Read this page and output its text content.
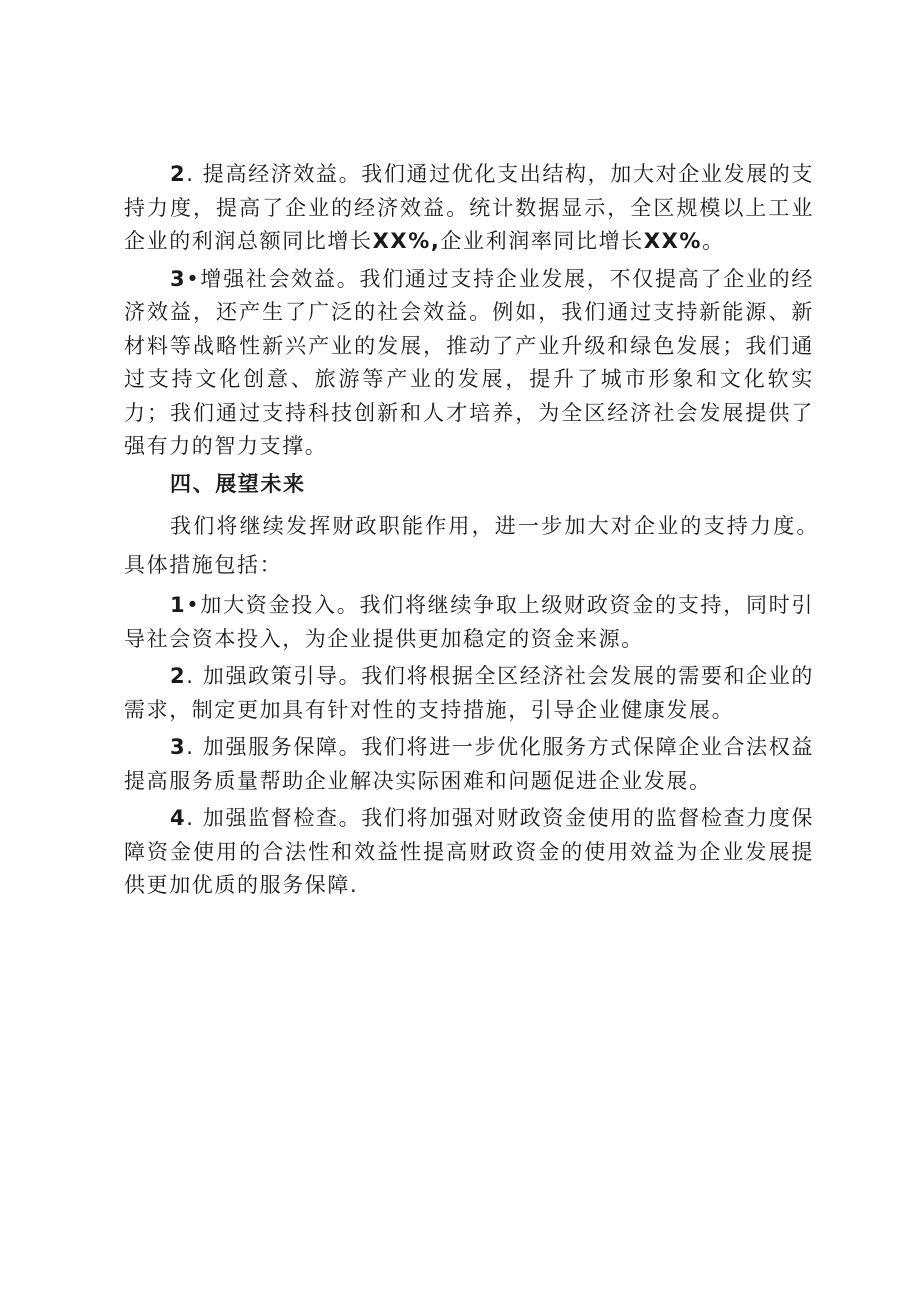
2. 提高经济效益。我们通过优化支出结构，加大对企业发展的支持力度，提高了企业的经济效益。统计数据显示，全区规模以上工业企业的利润总额同比增长XX%,企业利润率同比增长XX%。

3•增强社会效益。我们通过支持企业发展，不仅提高了企业的经济效益，还产生了广泛的社会效益。例如，我们通过支持新能源、新材料等战略性新兴产业的发展，推动了产业升级和绿色发展；我们通过支持文化创意、旅游等产业的发展，提升了城市形象和文化软实力；我们通过支持科技创新和人才培养，为全区经济社会发展提供了强有力的智力支撑。

四、展望未来

我们将继续发挥财政职能作用，进一步加大对企业的支持力度。

具体措施包括：

1•加大资金投入。我们将继续争取上级财政资金的支持，同时引导社会资本投入，为企业提供更加稳定的资金来源。

2. 加强政策引导。我们将根据全区经济社会发展的需要和企业的需求，制定更加具有针对性的支持措施，引导企业健康发展。

3. 加强服务保障。我们将进一步优化服务方式保障企业合法权益提高服务质量帮助企业解决实际困难和问题促进企业发展。

4. 加强监督检查。我们将加强对财政资金使用的监督检查力度保障资金使用的合法性和效益性提高财政资金的使用效益为企业发展提供更加优质的服务保障.
